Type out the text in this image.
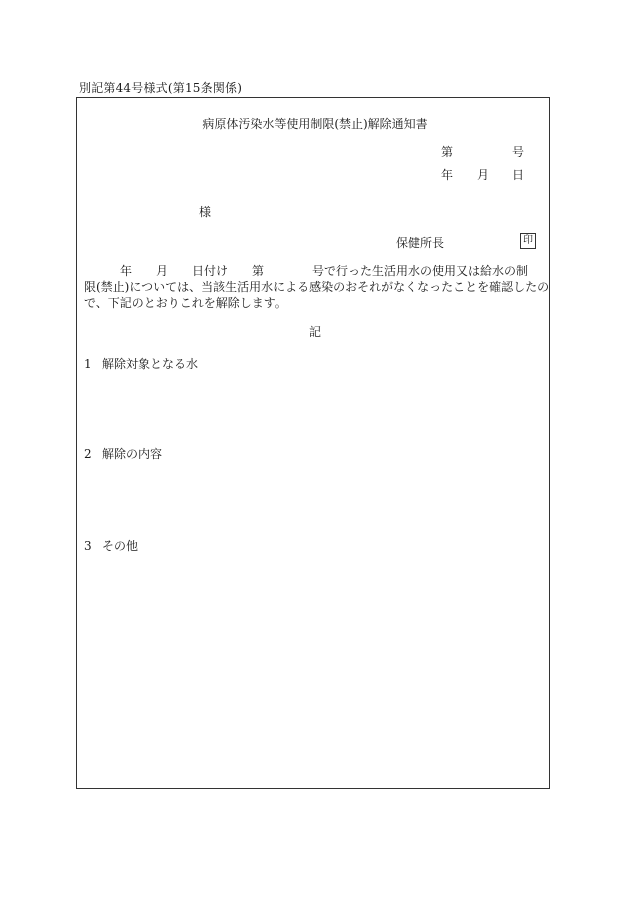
別記第44号様式(第15条関係)
病原体汚染水等使用制限(禁止)解除通知書
第	号
年 月 日
様
保健所長	印
　　　年　　月　　日付け　　第　　　　号で行った生活用水の使用又は給水の制
限(禁止)については、当該生活用水による感染のおそれがなくなったことを確認したの
で、下記のとおりこれを解除します。
記
1 解除対象となる水
2 解除の内容
3 その他
